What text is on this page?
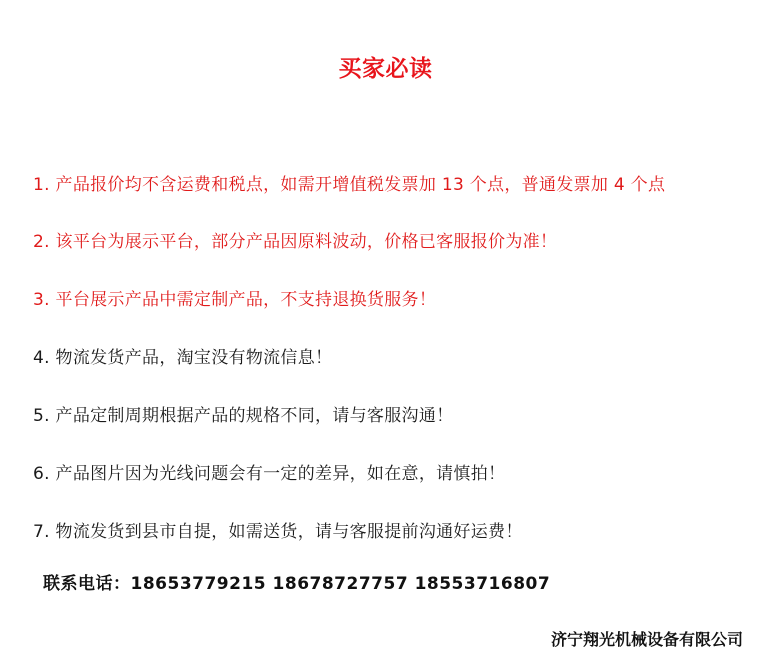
买家必读
1. 产品报价均不含运费和税点，如需开增值税发票加 13 个点，普通发票加 4 个点
2. 该平台为展示平台，部分产品因原料波动，价格已客服报价为准！
3. 平台展示产品中需定制产品，不支持退换货服务！
4. 物流发货产品，淘宝没有物流信息！
5. 产品定制周期根据产品的规格不同，请与客服沟通！
6. 产品图片因为光线问题会有一定的差异，如在意，请慎拍！
7. 物流发货到县市自提，如需送货，请与客服提前沟通好运费！
联系电话：18653779215 18678727757 18553716807
济宁翔光机械设备有限公司
